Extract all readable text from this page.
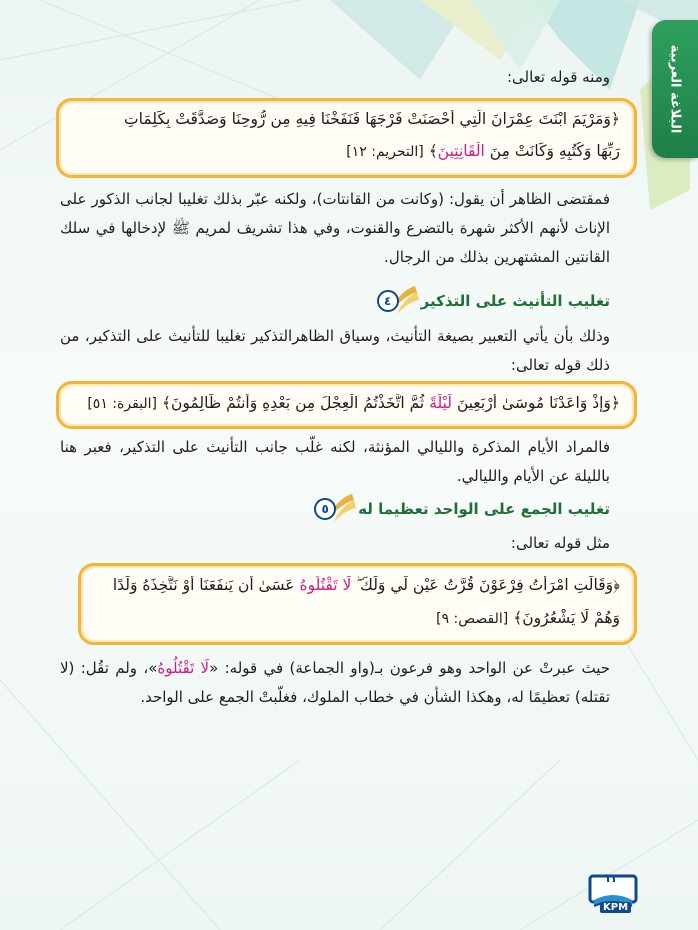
البلاغة العربية
ومنه قوله تعالى:
﴿وَمَرْيَمَ ابْنَتَ عِمْرَانَ الَّتِي أَحْصَنَتْ فَرْجَهَا فَنَفَخْنَا فِيهِ مِن رُّوحِنَا وَصَدَّقَتْ بِكَلِمَاتِ
رَبِّهَا وَكُتُبِهِ وَكَانَتْ مِنَ الْقَانِتِينَ﴾ [التحريم: ١٢]
فمقتضى الظاهر أن يقول: (وكانت من القانتات)، ولكنه عبّر بذلك تغليبا لجانب الذكور على الإناث لأنهم الأكثر شهرة بالتضرع والقنوت، وفي هذا تشريف لمريم ﷺ لإدخالها في سلك القانتين المشتهرين بذلك من الرجال.
٤	تغليب التأنيث على التذكير
وذلك بأن يأتي التعبير بصيغة التأنيث، وسياق الظاهرالتذكير تغليبا للتأنيث على التذكير، من ذلك قوله تعالى:
﴿وَإِذْ وَاعَدْنَا مُوسَىٰ أَرْبَعِينَ لَيْلَةً ثُمَّ اتَّخَذْتُمُ الْعِجْلَ مِن بَعْدِهِ وَأَنتُمْ ظَالِمُونَ﴾ [البقرة: ٥١]
فالمراد الأيام المذكرة والليالي المؤنثة، لكنه غلّب جانب التأنيث على التذكير، فعبر هنا بالليلة عن الأيام والليالي.
٥	تغليب الجمع على الواحد تعظيما له
مثل قوله تعالى:
﴿وَقَالَتِ امْرَأَتُ فِرْعَوْنَ قُرَّتُ عَيْنٍ لِّي وَلَكَ ۖ لَا تَقْتُلُوهُ عَسَىٰ أَن يَنفَعَنَا أَوْ نَتَّخِذَهُ وَلَدًا
وَهُمْ لَا يَشْعُرُونَ﴾ [القصص: ٩]
حيث عبرتْ عن الواحد وهو فرعون بـ(واو الجماعة) في قوله: «لَا تَقْتُلُوهُ»، ولم تقُل: (لا تقتله) تعظيمًا له، وهكذا الشأن في خطاب الملوك، فغلّبتْ الجمع على الواحد.
١٢
KPM
